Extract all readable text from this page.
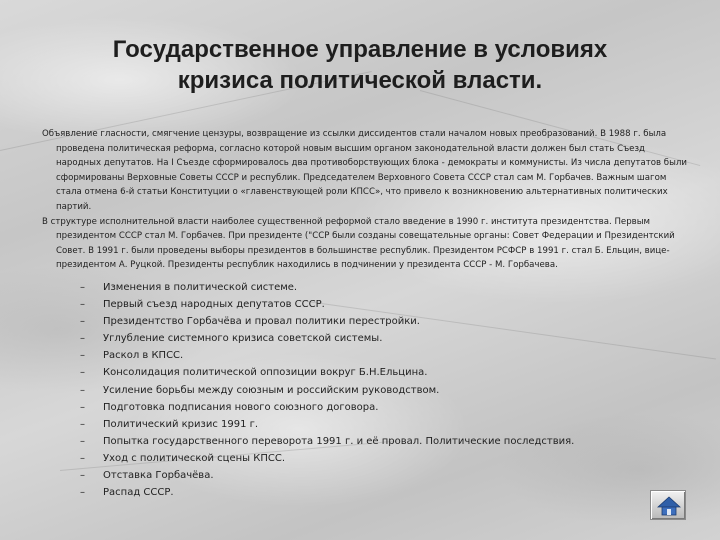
Государственное управление в условиях
кризиса политической власти.

Объявление гласности, смягчение цензуры, возвращение из ссылки диссидентов стали началом новых преобразований. В 1988 г. была проведена политическая реформа, согласно которой новым высшим органом законодательной власти должен был стать Съезд народных депутатов. На I Съезде сформировалось два противоборствующих блока - демократы и коммунисты. Из числа депутатов были сформированы Верховные Советы СССР и республик. Председателем Верховного Совета СССР стал сам М. Горбачев. Важным шагом стала отмена 6-й статьи Конституции о «главенствующей роли КПСС», что привело к возникновению альтернативных политических партий.

В структуре исполнительной власти наиболее существенной реформой стало введение в 1990 г. института президентства. Первым президентом СССР стал М. Горбачев. При президенте ("ССР были созданы совещательные органы: Совет Федерации и Президентский Совет. В 1991 г. были проведены выборы президентов в большинстве республик. Президентом РСФСР в 1991 г. стал Б. Ельцин, вице-президентом А. Руцкой. Президенты республик находились в подчинении у президента СССР - М. Горбачева.

– Изменения в политической системе.
– Первый съезд народных депутатов СССР.
– Президентство Горбачёва и провал политики перестройки.
– Углубление системного кризиса советской системы.
– Раскол в КПСС.
– Консолидация политической оппозиции вокруг Б.Н.Ельцина.
– Усиление борьбы между союзным и российским руководством.
– Подготовка подписания нового союзного договора.
– Политический кризис 1991 г.
– Попытка государственного переворота 1991 г. и её провал. Политические последствия.
– Уход с политической сцены КПСС.
– Отставка Горбачёва.
– Распад СССР.
